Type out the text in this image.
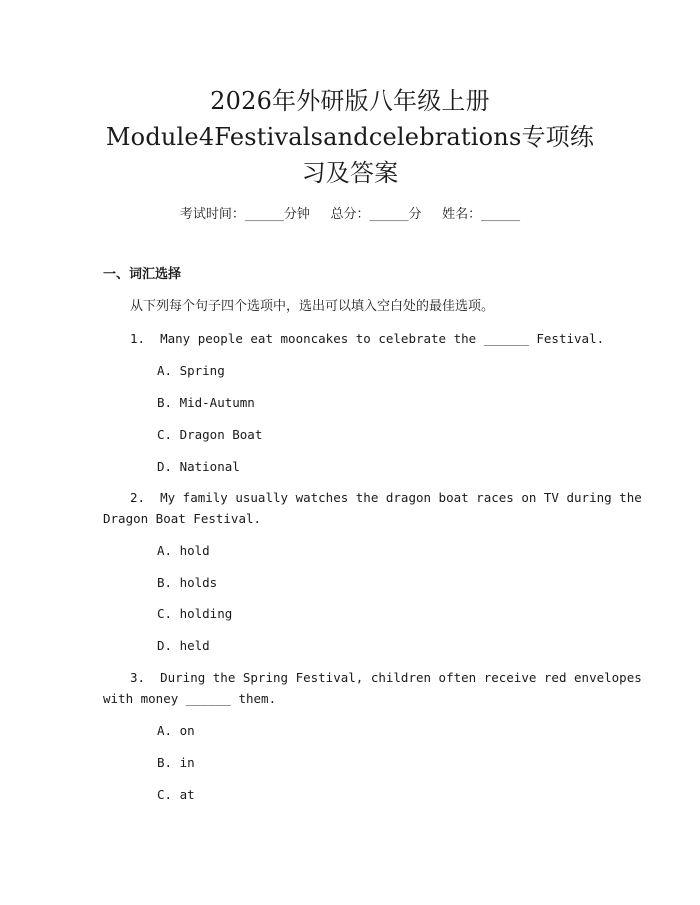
2026年外研版八年级上册
Module4Festivalsandcelebrations专项练
习及答案
考试时间：______分钟     总分：______分     姓名：______
一、词汇选择
从下列每个句子四个选项中，选出可以填入空白处的最佳选项。
1.  Many people eat mooncakes to celebrate the ______ Festival.
A. Spring
B. Mid-Autumn
C. Dragon Boat
D. National
2.  My family usually watches the dragon boat races on TV during the
Dragon Boat Festival.
A. hold
B. holds
C. holding
D. held
3.  During the Spring Festival, children often receive red envelopes
with money ______ them.
A. on
B. in
C. at
